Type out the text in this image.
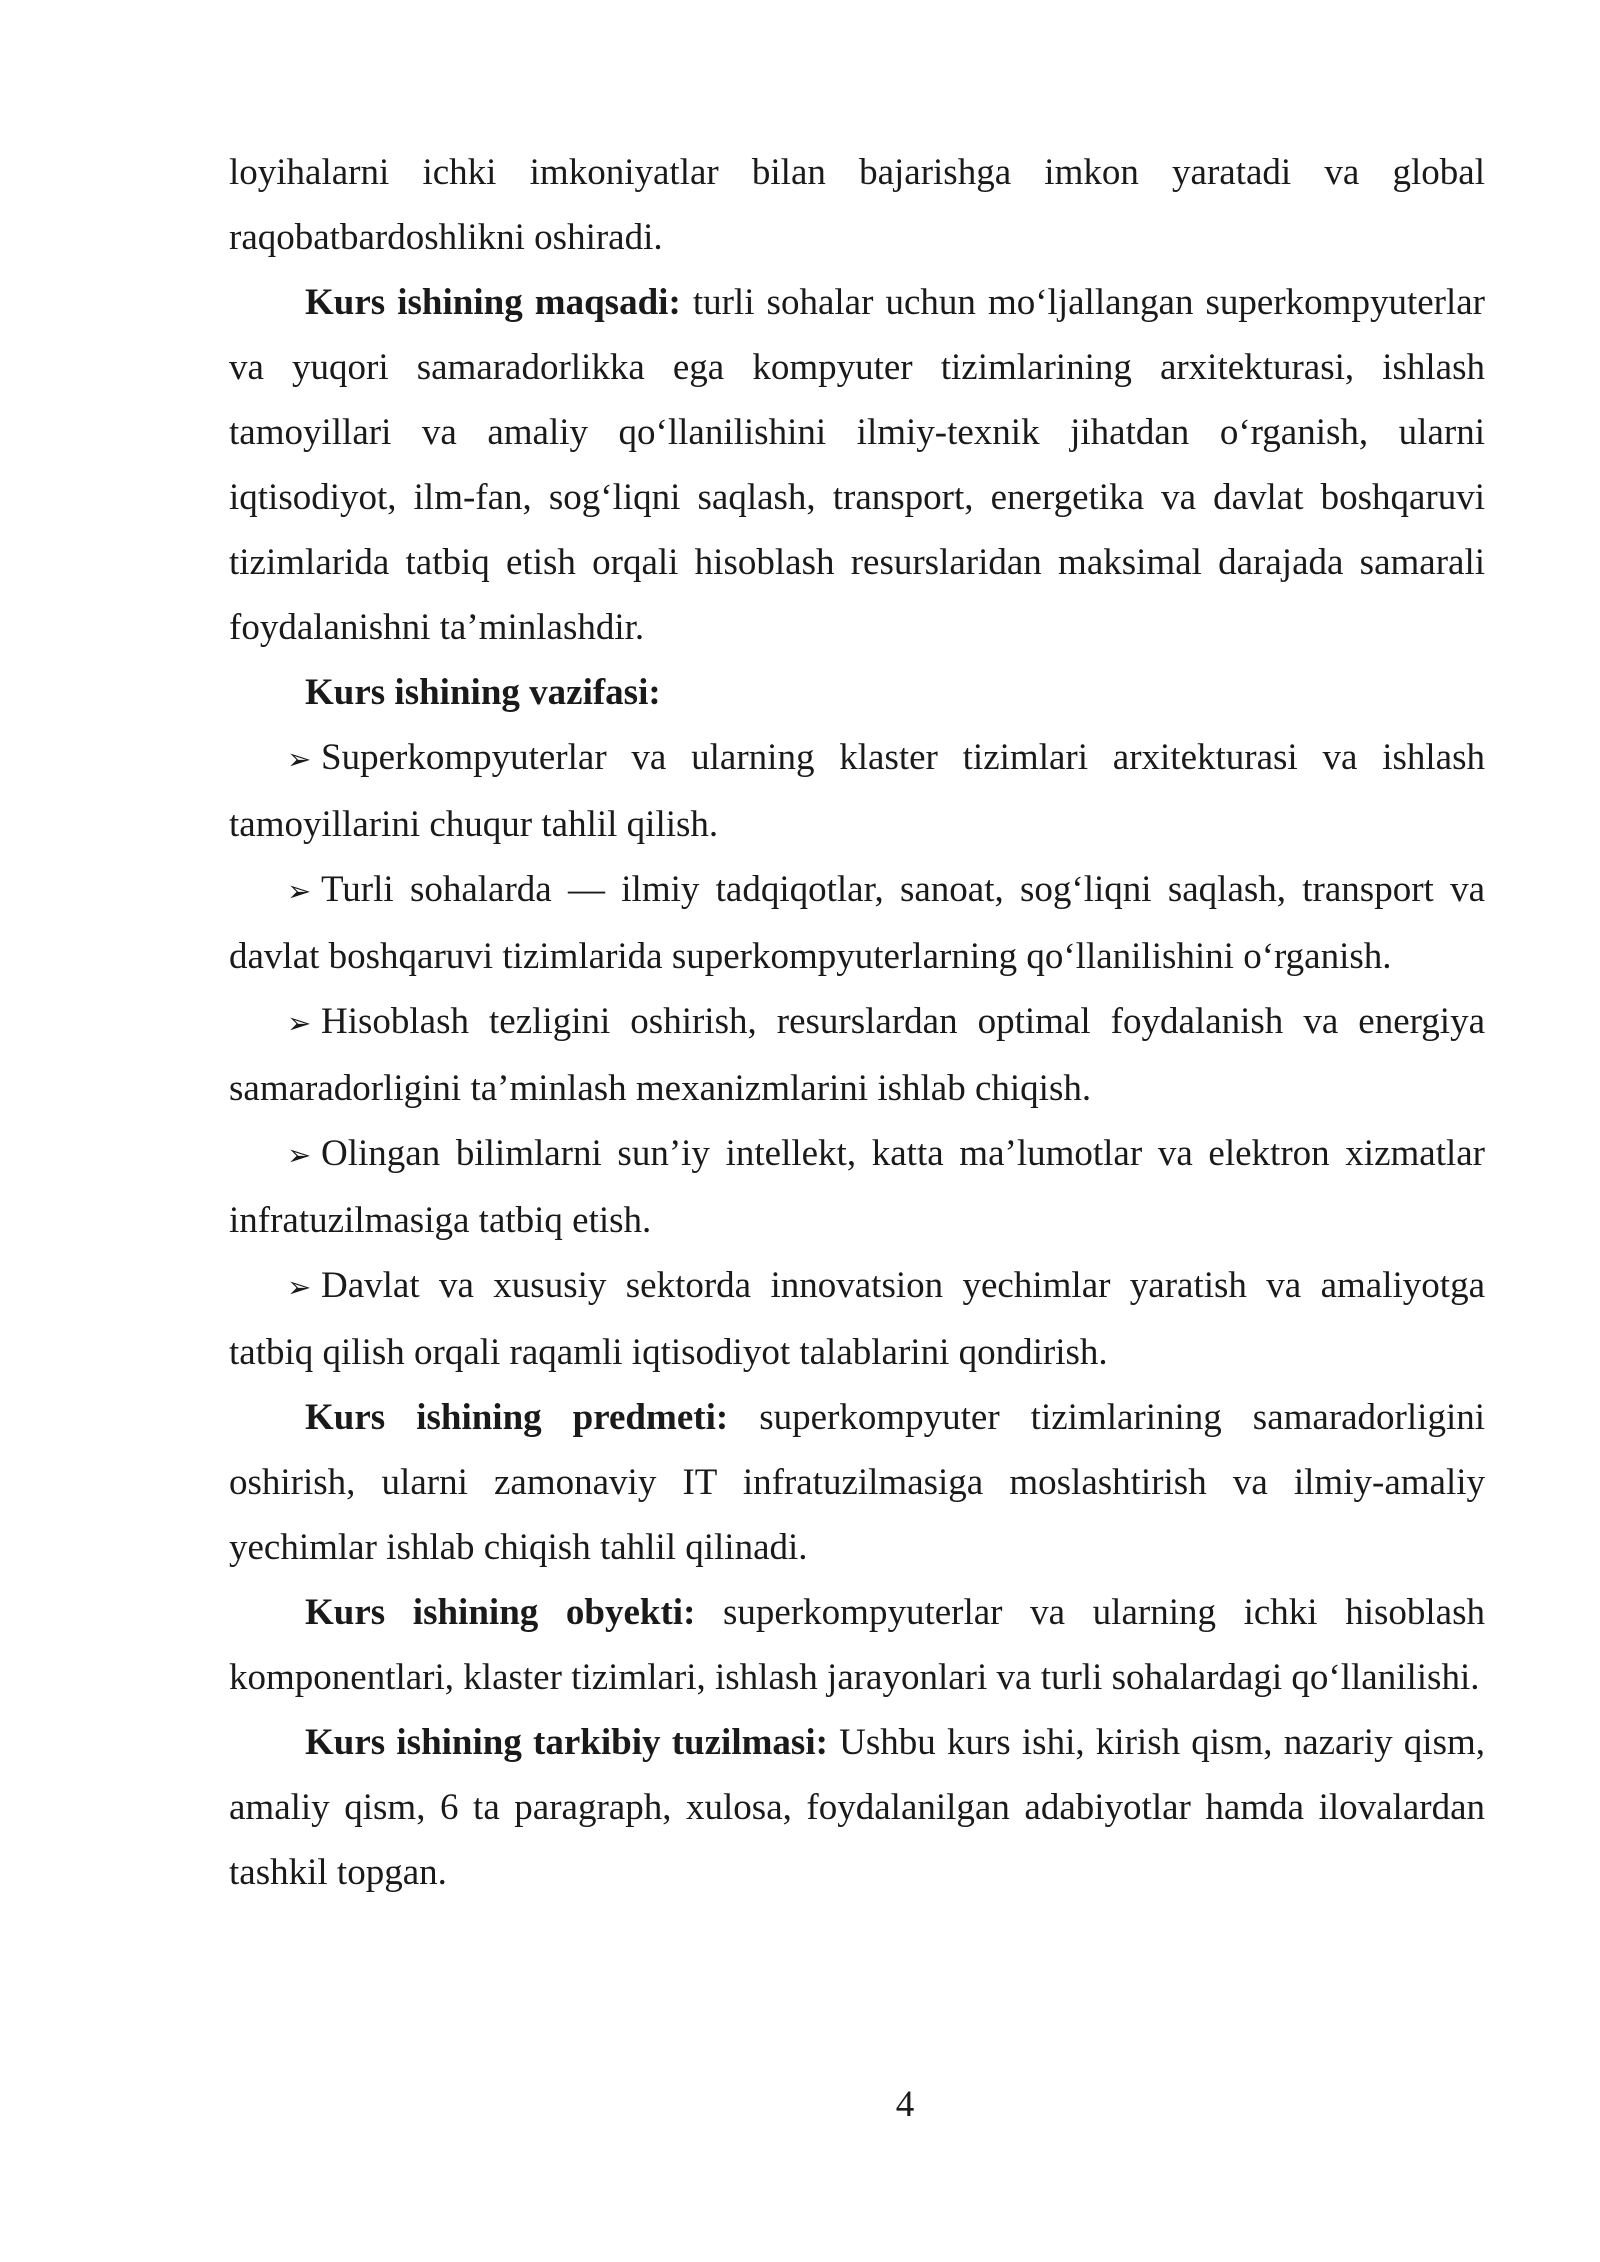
loyihalarni ichki imkoniyatlar bilan bajarishga imkon yaratadi va global raqobatbardoshlikni oshiradi.

Kurs ishining maqsadi: turli sohalar uchun mo‘ljallangan superkompyuterlar va yuqori samaradorlikka ega kompyuter tizimlarining arxitekturasi, ishlash tamoyillari va amaliy qo‘llanilishini ilmiy-texnik jihatdan o‘rganish, ularni iqtisodiyot, ilm-fan, sog‘liqni saqlash, transport, energetika va davlat boshqaruvi tizimlarida tatbiq etish orqali hisoblash resurslaridan maksimal darajada samarali foydalanishni ta’minlashdir.

Kurs ishining vazifasi:

➢ Superkompyuterlar va ularning klaster tizimlari arxitekturasi va ishlash tamoyillarini chuqur tahlil qilish.

➢ Turli sohalarda — ilmiy tadqiqotlar, sanoat, sog‘liqni saqlash, transport va davlat boshqaruvi tizimlarida superkompyuterlarning qo‘llanilishini o‘rganish.

➢ Hisoblash tezligini oshirish, resurslardan optimal foydalanish va energiya samaradorligini ta’minlash mexanizmlarini ishlab chiqish.

➢ Olingan bilimlarni sun’iy intellekt, katta ma’lumotlar va elektron xizmatlar infratuzilmasiga tatbiq etish.

➢ Davlat va xususiy sektorda innovatsion yechimlar yaratish va amaliyotga tatbiq qilish orqali raqamli iqtisodiyot talablarini qondirish.

Kurs ishining predmeti: superkompyuter tizimlarining samaradorligini oshirish, ularni zamonaviy IT infratuzilmasiga moslashtirish va ilmiy-amaliy yechimlar ishlab chiqish tahlil qilinadi.

Kurs ishining obyekti: superkompyuterlar va ularning ichki hisoblash komponentlari, klaster tizimlari, ishlash jarayonlari va turli sohalardagi qo‘llanilishi.

Kurs ishining tarkibiy tuzilmasi: Ushbu kurs ishi, kirish qism, nazariy qism, amaliy qism, 6 ta paragraph, xulosa, foydalanilgan adabiyotlar hamda ilovalardan tashkil topgan.

4
